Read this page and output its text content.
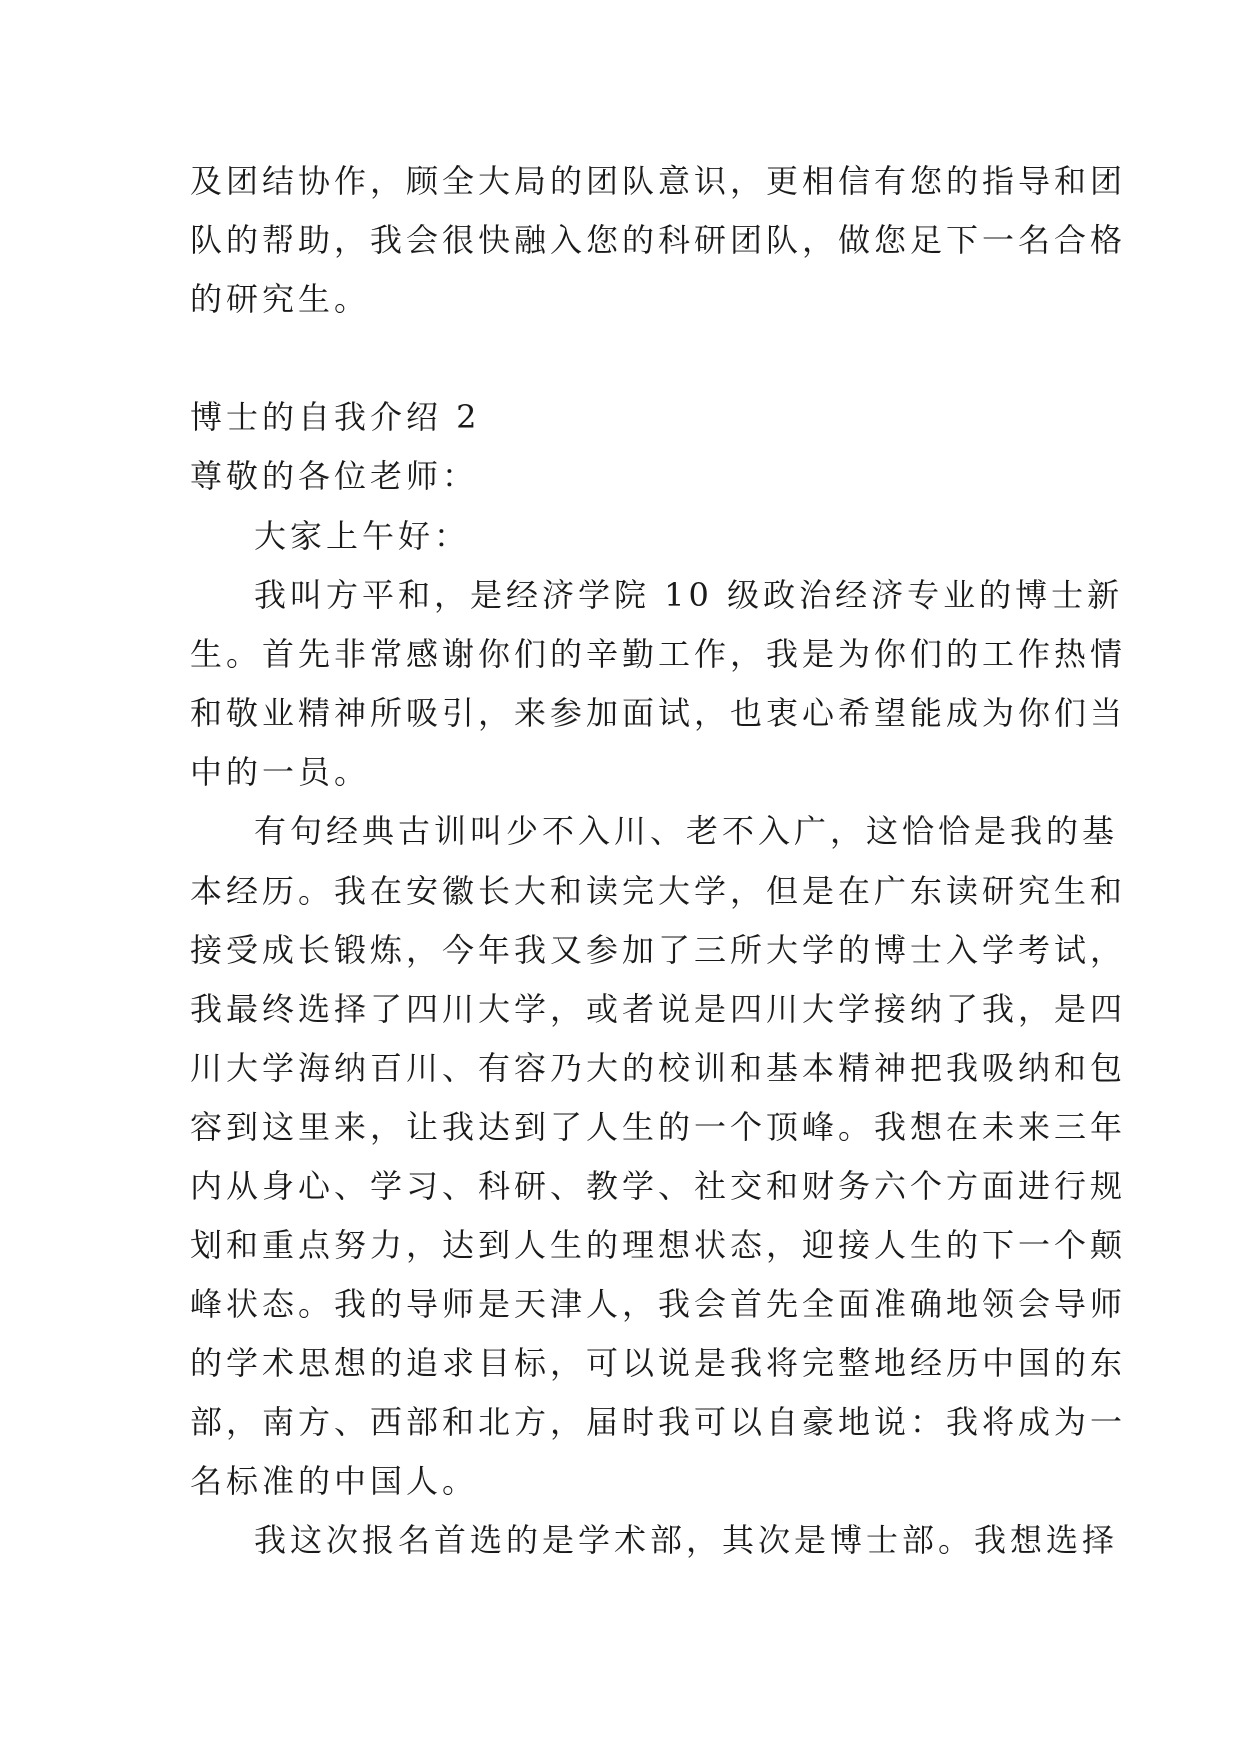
及团结协作，顾全大局的团队意识，更相信有您的指导和团
队的帮助，我会很快融入您的科研团队，做您足下一名合格
的研究生。
博士的自我介绍 2
尊敬的各位老师：
大家上午好：
我叫方平和，是经济学院 10 级政治经济专业的博士新
生。首先非常感谢你们的辛勤工作，我是为你们的工作热情
和敬业精神所吸引，来参加面试，也衷心希望能成为你们当
中的一员。
有句经典古训叫少不入川、老不入广，这恰恰是我的基
本经历。我在安徽长大和读完大学，但是在广东读研究生和
接受成长锻炼，今年我又参加了三所大学的博士入学考试，
我最终选择了四川大学，或者说是四川大学接纳了我，是四
川大学海纳百川、有容乃大的校训和基本精神把我吸纳和包
容到这里来，让我达到了人生的一个顶峰。我想在未来三年
内从身心、学习、科研、教学、社交和财务六个方面进行规
划和重点努力，达到人生的理想状态，迎接人生的下一个颠
峰状态。我的导师是天津人，我会首先全面准确地领会导师
的学术思想的追求目标，可以说是我将完整地经历中国的东
部，南方、西部和北方，届时我可以自豪地说：我将成为一
名标准的中国人。
我这次报名首选的是学术部，其次是博士部。我想选择
